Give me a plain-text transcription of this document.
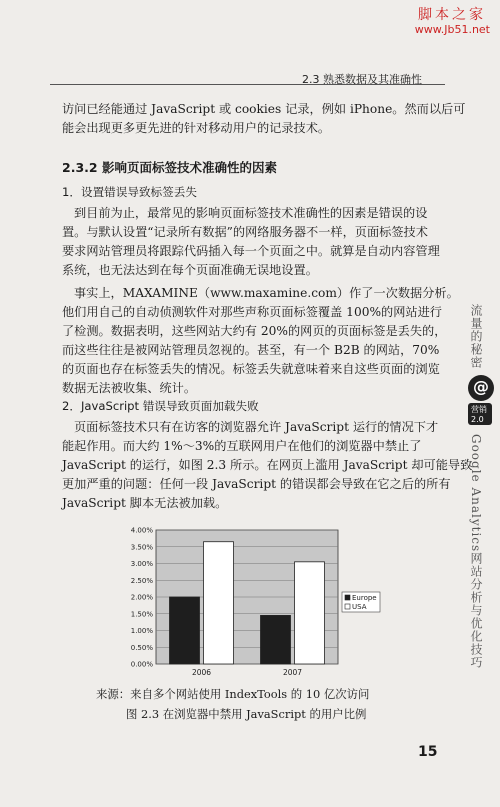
脚本之家
www.Jb51.net
2.3 熟悉数据及其准确性
访问已经能通过 JavaScript 或 cookies 记录，例如 iPhone。然而以后可
能会出现更多更先进的针对移动用户的记录技术。
2.3.2 影响页面标签技术准确性的因素
1．设置错误导致标签丢失
到目前为止，最常见的影响页面标签技术准确性的因素是错误的设
置。与默认设置“记录所有数据”的网络服务器不一样，页面标签技术
要求网站管理员将跟踪代码插入每一个页面之中。就算是自动内容管理
系统，也无法达到在每个页面准确无误地设置。
事实上，MAXAMINE（www.maxamine.com）作了一次数据分析。
他们用自己的自动侦测软件对那些声称页面标签覆盖 100%的网站进行
了检测。数据表明，这些网站大约有 20%的网页的页面标签是丢失的，
而这些往往是被网站管理员忽视的。甚至，有一个 B2B 的网站，70%
的页面也存在标签丢失的情况。标签丢失就意味着来自这些页面的浏览
数据无法被收集、统计。
2．JavaScript 错误导致页面加载失败
页面标签技术只有在访客的浏览器允许 JavaScript 运行的情况下才
能起作用。而大约 1%～3%的互联网用户在他们的浏览器中禁止了
JavaScript 的运行，如图 2.3 所示。在网页上滥用 JavaScript 却可能导致
更加严重的问题：任何一段 JavaScript 的错误都会导致在它之后的所有
JavaScript 脚本无法被加载。
流量的秘密
@
营销2.0
Google Analytics网站分析与优化技巧
0.00%
0.50%
1.00%
1.50%
2.00%
2.50%
3.00%
3.50%
4.00%
2006	2007
Europe
USA
来源：来自多个网站使用 IndexTools 的 10 亿次访问
图 2.3 在浏览器中禁用 JavaScript 的用户比例
15
